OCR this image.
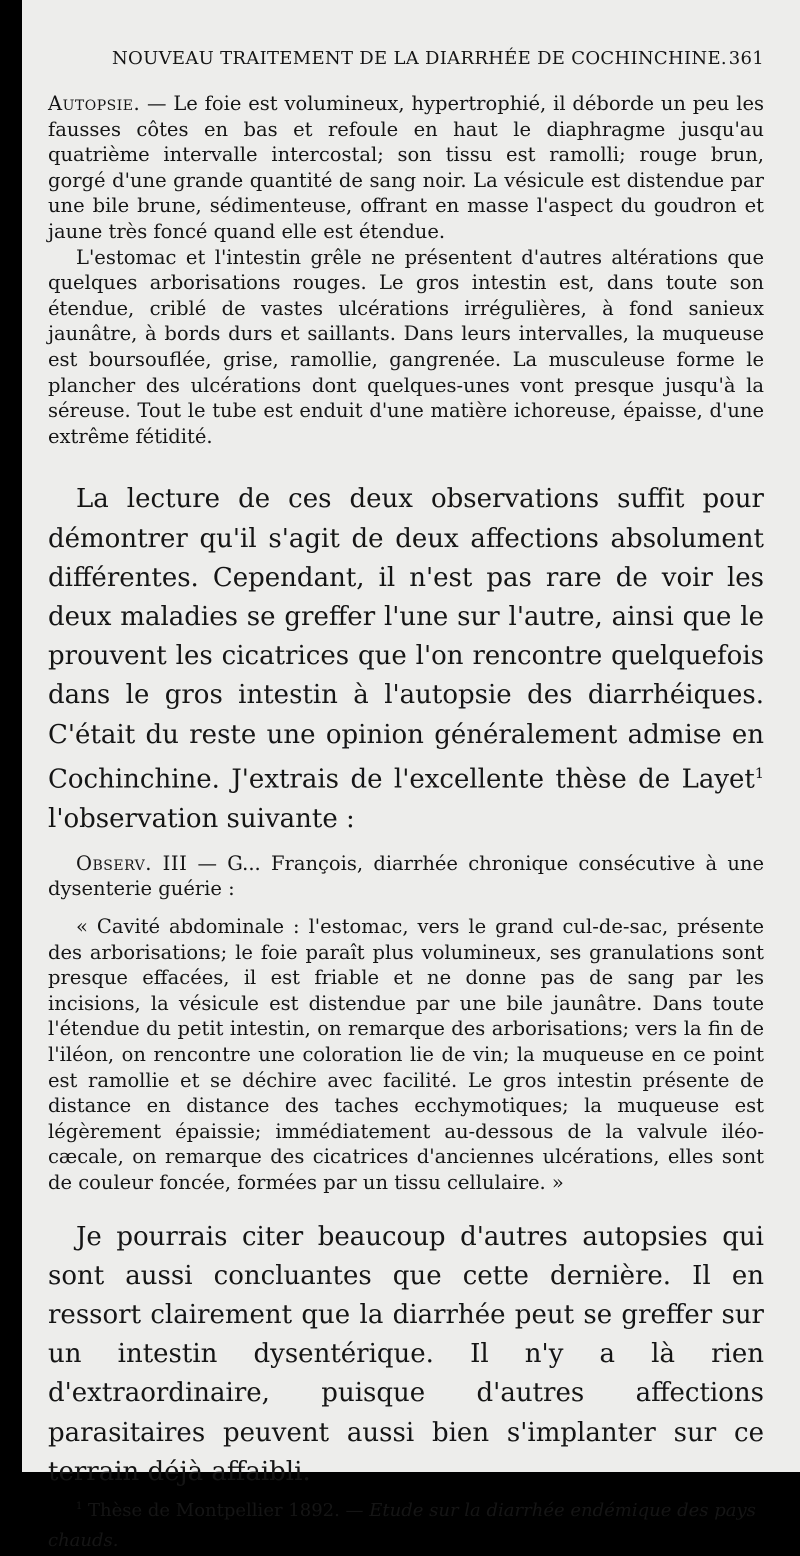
NOUVEAU TRAITEMENT DE LA DIARRHÉE DE COCHINCHINE. 361

Autopsie. — Le foie est volumineux, hypertrophié, il déborde un peu les fausses côtes en bas et refoule en haut le diaphragme jusqu'au quatrième intervalle intercostal; son tissu est ramolli; rouge brun, gorgé d'une grande quantité de sang noir. La vésicule est distendue par une bile brune, sédimenteuse, offrant en masse l'aspect du goudron et jaune très foncé quand elle est étendue.

L'estomac et l'intestin grêle ne présentent d'autres altérations que quelques arborisations rouges. Le gros intestin est, dans toute son étendue, criblé de vastes ulcérations irrégulières, à fond sanieux jaunâtre, à bords durs et saillants. Dans leurs intervalles, la muqueuse est boursouflée, grise, ramollie, gangrenée. La musculeuse forme le plancher des ulcérations dont quelques-unes vont presque jusqu'à la séreuse. Tout le tube est enduit d'une matière ichoreuse, épaisse, d'une extrême fétidité.

La lecture de ces deux observations suffit pour démontrer qu'il s'agit de deux affections absolument différentes. Cependant, il n'est pas rare de voir les deux maladies se greffer l'une sur l'autre, ainsi que le prouvent les cicatrices que l'on rencontre quelquefois dans le gros intestin à l'autopsie des diarrhéiques. C'était du reste une opinion généralement admise en Cochinchine. J'extrais de l'excellente thèse de Layet$^1$ l'observation suivante :

Observ. III — G... François, diarrhée chronique consécutive à une dysenterie guérie :

« Cavité abdominale : l'estomac, vers le grand cul-de-sac, présente des arborisations; le foie paraît plus volumineux, ses granulations sont presque effacées, il est friable et ne donne pas de sang par les incisions, la vésicule est distendue par une bile jaunâtre. Dans toute l'étendue du petit intestin, on remarque des arborisations; vers la fin de l'iléon, on rencontre une coloration lie de vin; la muqueuse en ce point est ramollie et se déchire avec facilité. Le gros intestin présente de distance en distance des taches ecchymotiques; la muqueuse est légèrement épaissie; immédiatement au-dessous de la valvule iléo-cæcale, on remarque des cicatrices d'anciennes ulcérations, elles sont de couleur foncée, formées par un tissu cellulaire. »

Je pourrais citer beaucoup d'autres autopsies qui sont aussi concluantes que cette dernière. Il en ressort clairement que la diarrhée peut se greffer sur un intestin dysentérique. Il n'y a là rien d'extraordinaire, puisque d'autres affections parasitaires peuvent aussi bien s'implanter sur ce terrain déjà affaibli.

$^1$ Thèse de Montpellier 1892. — Etude sur la diarrhée endémique des pays chauds.
